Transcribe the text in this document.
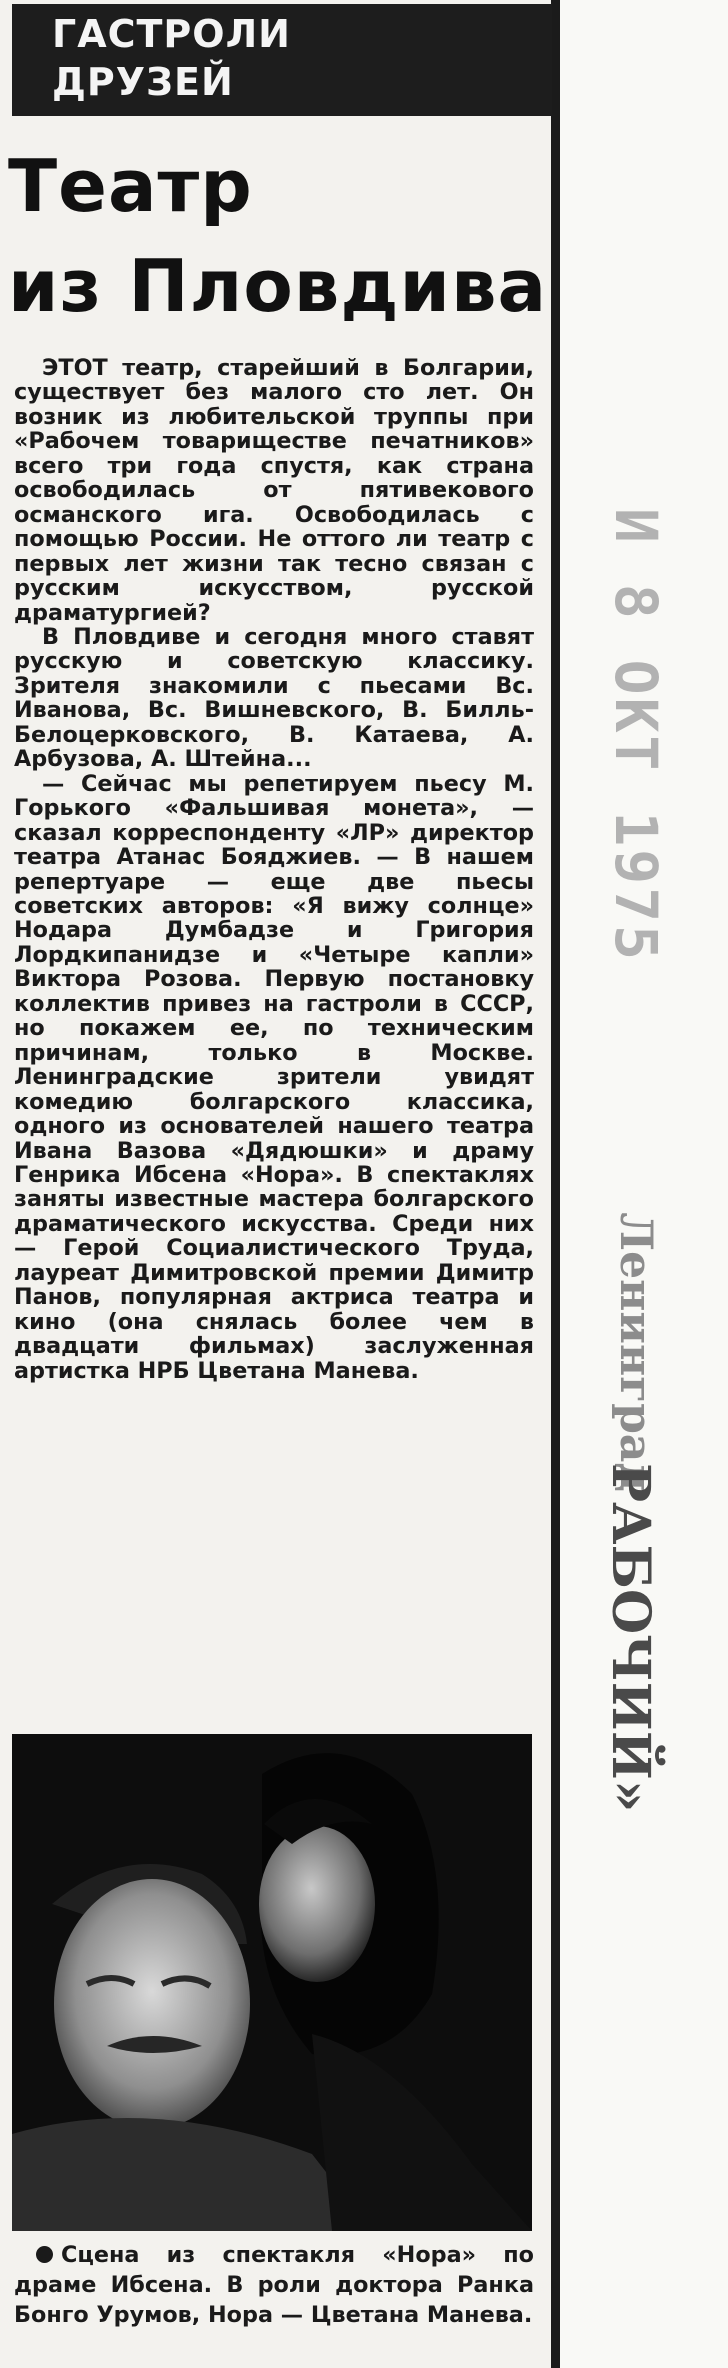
ГАСТРОЛИ
ДРУЗЕЙ
Театр
из Пловдива

ЭТОТ театр, старейший в Болгарии, существует без малого сто лет. Он возник из любительской труппы при «Рабочем товариществе печатников» всего три года спустя, как страна освободилась от пятивекового османского ига. Освободилась с помощью России. Не оттого ли театр с первых лет жизни так тесно связан с русским искусством, русской драматургией?

В Пловдиве и сегодня много ставят русскую и советскую классику. Зрителя знакомили с пьесами Вс. Иванова, Вс. Вишневского, В. Билль-Белоцерковского, В. Катаева, А. Арбузова, А. Штейна...

— Сейчас мы репетируем пьесу М. Горького «Фальшивая монета», — сказал корреспонденту «ЛР» директор театра Атанас Бояджиев. — В нашем репертуаре — еще две пьесы советских авторов: «Я вижу солнце» Нодара Думбадзе и Григория Лордкипанидзе и «Четыре капли» Виктора Розова. Первую постановку коллектив привез на гастроли в СССР, но покажем ее, по техническим причинам, только в Москве. Ленинградские зрители увидят комедию болгарского классика, одного из основателей нашего театра Ивана Вазова «Дядюшки» и драму Генрика Ибсена «Нора». В спектаклях заняты известные мастера болгарского драматического искусства. Среди них — Герой Социалистического Труда, лауреат Димитровской премии Димитр Панов, популярная актриса театра и кино (она снялась более чем в двадцати фильмах) заслуженная артистка НРБ Цветана Манева.

Сцена из спектакля «Нора» по драме Ибсена. В роли доктора Ранка Бонго Урумов, Нора — Цветана Манева.

И 8 ОКТ 1975
Ленинград
РАБОЧИЙ»
